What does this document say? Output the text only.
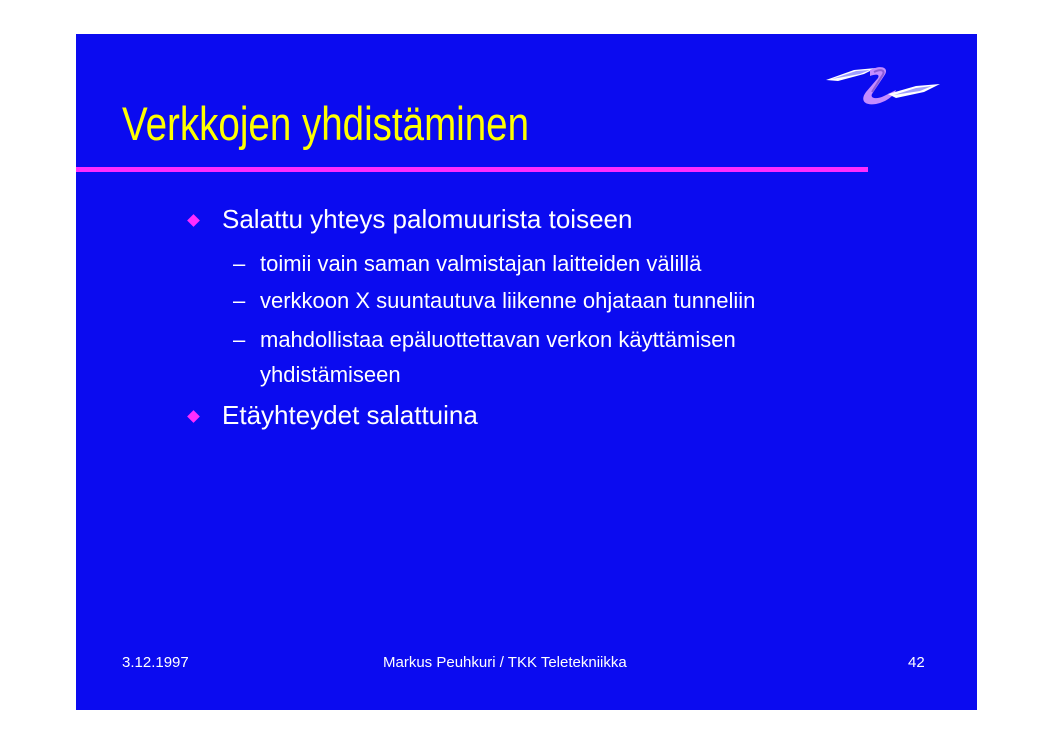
Verkkojen yhdistäminen
Salattu yhteys palomuurista toiseen
– toimii vain saman valmistajan laitteiden välillä
– verkkoon X suuntautuva liikenne ohjataan tunneliin
– mahdollistaa epäluottettavan verkon käyttämisen
yhdistämiseen
Etäyhteydet salattuina
3.12.1997	Markus Peuhkuri / TKK Teletekniikka	42
